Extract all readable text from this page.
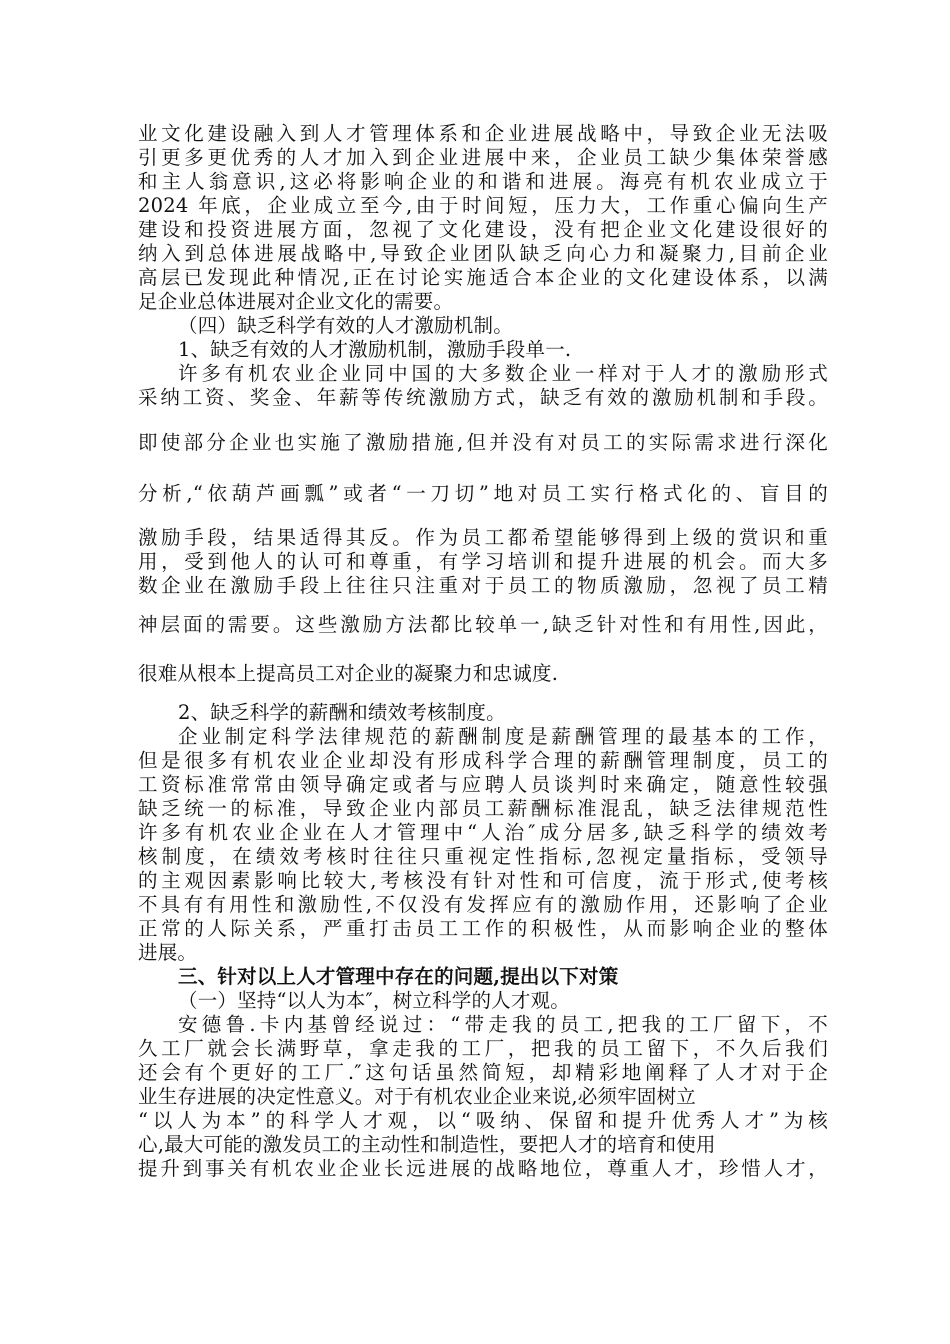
业文化建设融入到人才管理体系和企业进展战略中，导致企业无法吸
引更多更优秀的人才加入到企业进展中来，企业员工缺少集体荣誉感
和主人翁意识,这必将影响企业的和谐和进展。海亮有机农业成立于
2024 年底，企业成立至今,由于时间短，压力大，工作重心偏向生产
建设和投资进展方面，忽视了文化建设，没有把企业文化建设很好的
纳入到总体进展战略中,导致企业团队缺乏向心力和凝聚力,目前企业
高层已发现此种情况,正在讨论实施适合本企业的文化建设体系，以满
足企业总体进展对企业文化的需要。
（四）缺乏科学有效的人才激励机制。
1、缺乏有效的人才激励机制，激励手段单一.
许多有机农业企业同中国的大多数企业一样对于人才的激励形式
采纳工资、奖金、年薪等传统激励方式，缺乏有效的激励机制和手段。
即使部分企业也实施了激励措施,但并没有对员工的实际需求进行深化
分析,“依葫芦画瓢”或者“一刀切”地对员工实行格式化的、盲目的
激励手段，结果适得其反。作为员工都希望能够得到上级的赏识和重
用，受到他人的认可和尊重，有学习培训和提升进展的机会。而大多
数企业在激励手段上往往只注重对于员工的物质激励，忽视了员工精
神层面的需要。这些激励方法都比较单一,缺乏针对性和有用性,因此，
很难从根本上提高员工对企业的凝聚力和忠诚度.
2、缺乏科学的薪酬和绩效考核制度。
企业制定科学法律规范的薪酬制度是薪酬管理的最基本的工作，
但是很多有机农业企业却没有形成科学合理的薪酬管理制度，员工的
工资标准常常由领导确定或者与应聘人员谈判时来确定，随意性较强
缺乏统一的标准，导致企业内部员工薪酬标准混乱，缺乏法律规范性
许多有机农业企业在人才管理中“人治″成分居多,缺乏科学的绩效考
核制度，在绩效考核时往往只重视定性指标,忽视定量指标，受领导
的主观因素影响比较大,考核没有针对性和可信度，流于形式,使考核
不具有有用性和激励性,不仅没有发挥应有的激励作用，还影响了企业
正常的人际关系，严重打击员工工作的积极性，从而影响企业的整体
进展。
三、针对以上人才管理中存在的问题,提出以下对策
（一）坚持“以人为本″，树立科学的人才观。
安德鲁.卡内基曾经说过：“带走我的员工,把我的工厂留下，不
久工厂就会长满野草，拿走我的工厂，把我的员工留下，不久后我们
还会有个更好的工厂.″这句话虽然简短，却精彩地阐释了人才对于企
业生存进展的决定性意义。对于有机农业企业来说,必须牢固树立
“以人为本”的科学人才观，以“吸纳、保留和提升优秀人才”为核
心,最大可能的激发员工的主动性和制造性，要把人才的培育和使用
提升到事关有机农业企业长远进展的战略地位，尊重人才，珍惜人才，
